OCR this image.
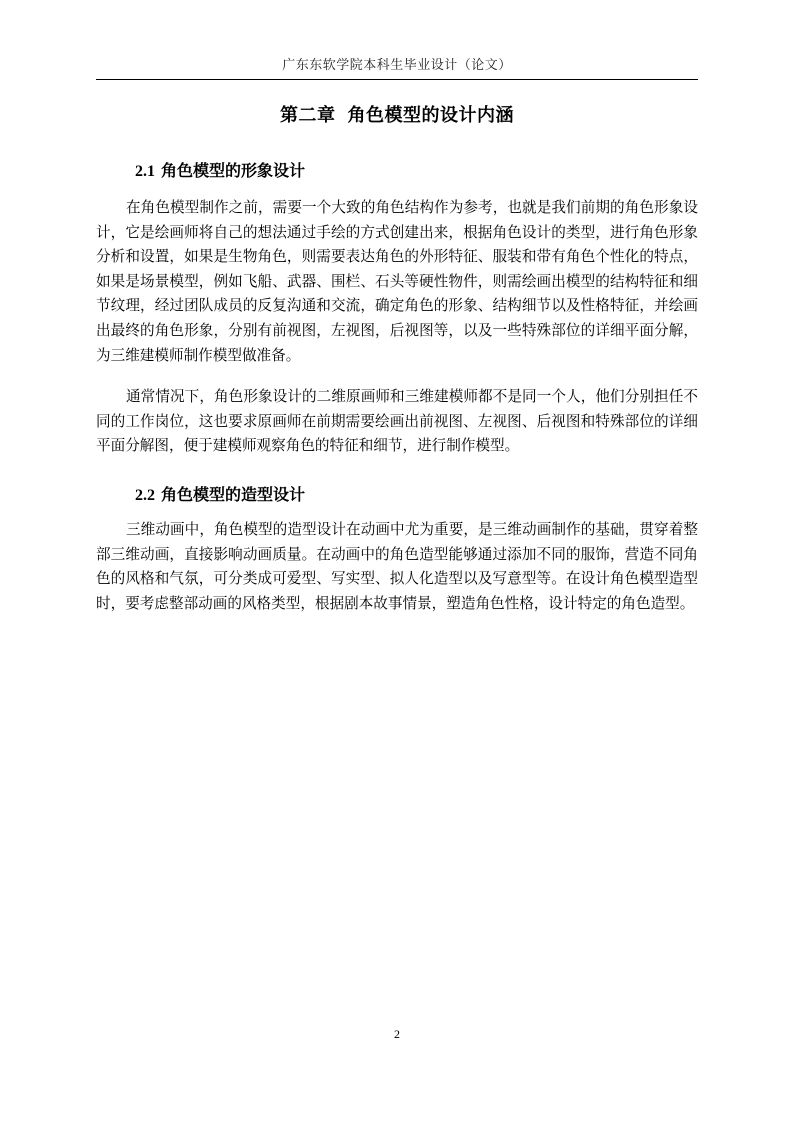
广东东软学院本科生毕业设计（论文）
第二章 角色模型的设计内涵
2.1 角色模型的形象设计

在角色模型制作之前，需要一个大致的角色结构作为参考，也就是我们前期的角色形象设计，它是绘画师将自己的想法通过手绘的方式创建出来，根据角色设计的类型，进行角色形象分析和设置，如果是生物角色，则需要表达角色的外形特征、服装和带有角色个性化的特点，如果是场景模型，例如飞船、武器、围栏、石头等硬性物件，则需绘画出模型的结构特征和细节纹理，经过团队成员的反复沟通和交流，确定角色的形象、结构细节以及性格特征，并绘画出最终的角色形象，分别有前视图，左视图，后视图等，以及一些特殊部位的详细平面分解，为三维建模师制作模型做准备。

通常情况下，角色形象设计的二维原画师和三维建模师都不是同一个人，他们分别担任不同的工作岗位，这也要求原画师在前期需要绘画出前视图、左视图、后视图和特殊部位的详细平面分解图，便于建模师观察角色的特征和细节，进行制作模型。

2.2 角色模型的造型设计

三维动画中，角色模型的造型设计在动画中尤为重要，是三维动画制作的基础，贯穿着整部三维动画，直接影响动画质量。在动画中的角色造型能够通过添加不同的服饰，营造不同角色的风格和气氛，可分类成可爱型、写实型、拟人化造型以及写意型等。在设计角色模型造型时，要考虑整部动画的风格类型，根据剧本故事情景，塑造角色性格，设计特定的角色造型。

2
